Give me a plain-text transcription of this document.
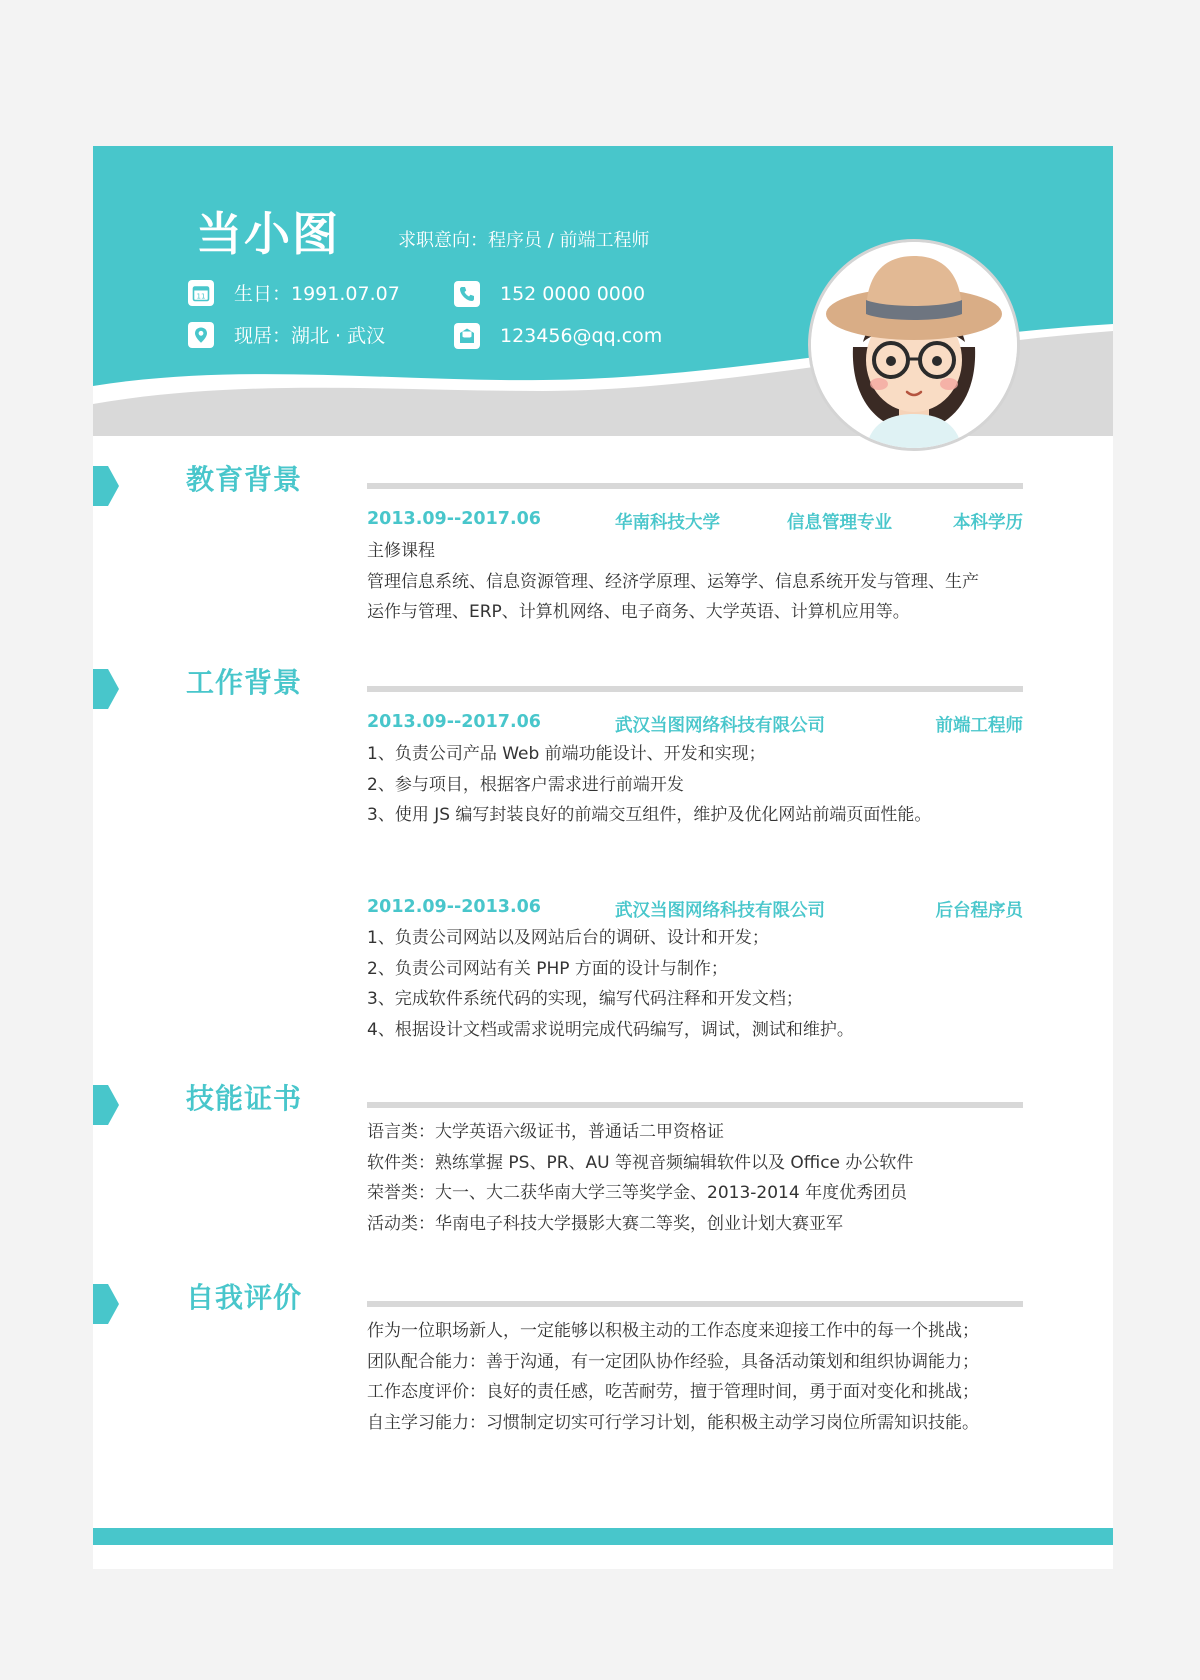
当小图	求职意向：程序员 / 前端工程师
11 生日：1991.07.07
现居：湖北 · 武汉
152 0000 0000
123456@qq.com
教育背景
2013.09--2017.06	华南科技大学	信息管理专业	本科学历
主修课程
管理信息系统、信息资源管理、经济学原理、运筹学、信息系统开发与管理、生产
运作与管理、ERP、计算机网络、电子商务、大学英语、计算机应用等。
工作背景
2013.09--2017.06	武汉当图网络科技有限公司	前端工程师
1、负责公司产品 Web 前端功能设计、开发和实现；
2、参与项目，根据客户需求进行前端开发
3、使用 JS 编写封装良好的前端交互组件，维护及优化网站前端页面性能。
2012.09--2013.06	武汉当图网络科技有限公司	后台程序员
1、负责公司网站以及网站后台的调研、设计和开发；
2、负责公司网站有关 PHP 方面的设计与制作；
3、完成软件系统代码的实现，编写代码注释和开发文档；
4、根据设计文档或需求说明完成代码编写，调试，测试和维护。
技能证书
语言类：大学英语六级证书，普通话二甲资格证
软件类：熟练掌握 PS、PR、AU 等视音频编辑软件以及 Office 办公软件
荣誉类：大一、大二获华南大学三等奖学金、2013-2014 年度优秀团员
活动类：华南电子科技大学摄影大赛二等奖，创业计划大赛亚军
自我评价
作为一位职场新人，一定能够以积极主动的工作态度来迎接工作中的每一个挑战；
团队配合能力：善于沟通，有一定团队协作经验，具备活动策划和组织协调能力；
工作态度评价：良好的责任感，吃苦耐劳，擅于管理时间，勇于面对变化和挑战；
自主学习能力：习惯制定切实可行学习计划，能积极主动学习岗位所需知识技能。
